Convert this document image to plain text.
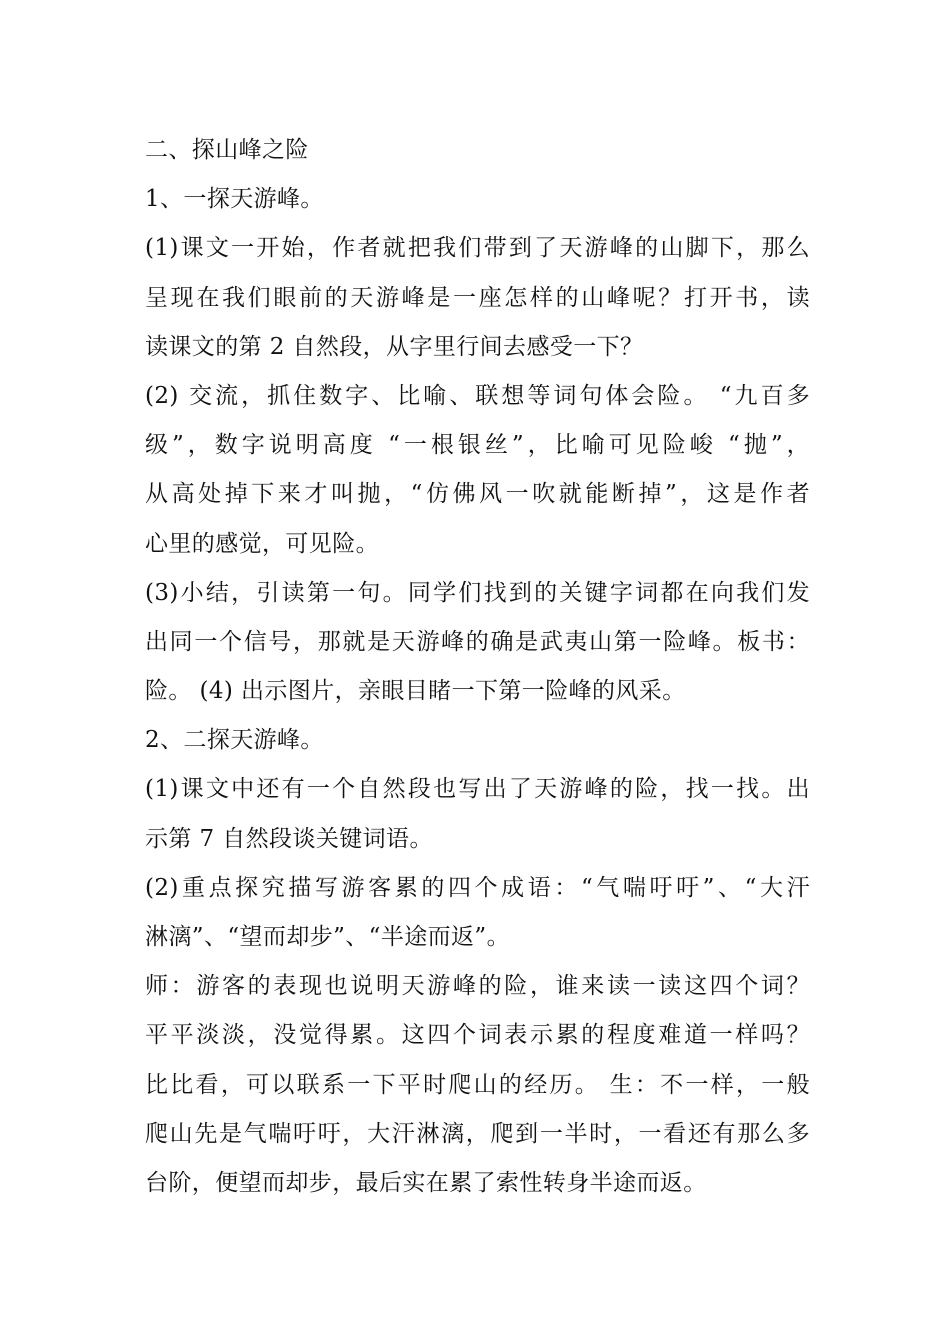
二、探山峰之险
1、一探天游峰。
(1)课文一开始，作者就把我们带到了天游峰的山脚下，那么
呈现在我们眼前的天游峰是一座怎样的山峰呢？打开书，读
读课文的第 2 自然段，从字里行间去感受一下？
(2) 交流，抓住数字、比喻、联想等词句体会险。 “九百多
级”，数字说明高度 “一根银丝”，比喻可见险峻 “抛”，
从高处掉下来才叫抛，“仿佛风一吹就能断掉”，这是作者
心里的感觉，可见险。
(3)小结，引读第一句。同学们找到的关键字词都在向我们发
出同一个信号，那就是天游峰的确是武夷山第一险峰。板书：
险。 (4) 出示图片，亲眼目睹一下第一险峰的风采。
2、二探天游峰。
(1)课文中还有一个自然段也写出了天游峰的险，找一找。出
示第 7 自然段谈关键词语。
(2)重点探究描写游客累的四个成语：“气喘吁吁”、“大汗
淋漓”、“望而却步”、“半途而返”。
师：游客的表现也说明天游峰的险，谁来读一读这四个词？
平平淡淡，没觉得累。这四个词表示累的程度难道一样吗？
比比看，可以联系一下平时爬山的经历。 生：不一样，一般
爬山先是气喘吁吁，大汗淋漓，爬到一半时，一看还有那么多
台阶，便望而却步，最后实在累了索性转身半途而返。
